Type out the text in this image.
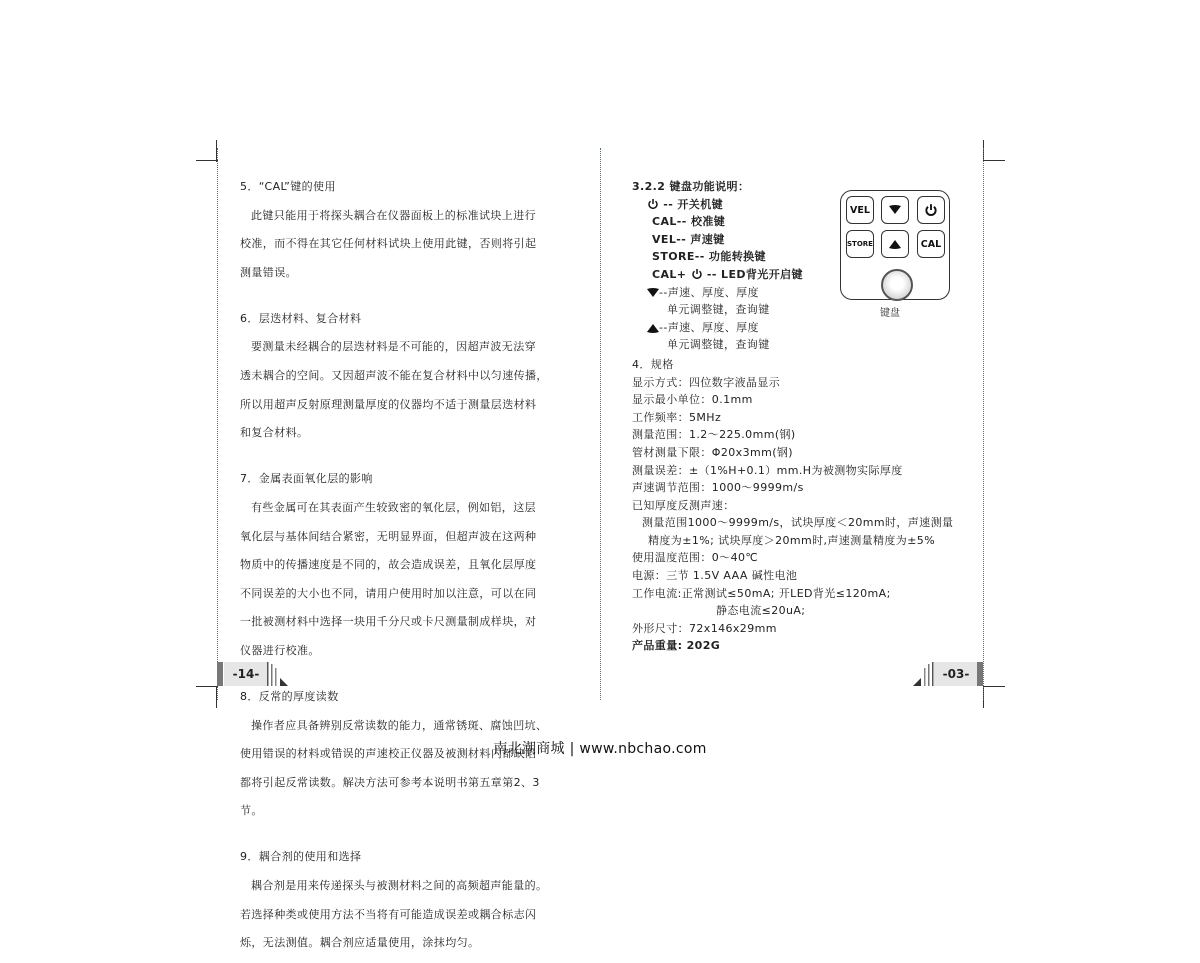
5．“CAL”键的使用

此键只能用于将探头耦合在仪器面板上的标准试块上进行

校准，而不得在其它任何材料试块上使用此键，否则将引起

测量错误。

6．层迭材料、复合材料

要测量未经耦合的层迭材料是不可能的，因超声波无法穿

透未耦合的空间。又因超声波不能在复合材料中以匀速传播，

所以用超声反射原理测量厚度的仪器均不适于测量层迭材料

和复合材料。

7．金属表面氧化层的影响

有些金属可在其表面产生较致密的氧化层，例如铝，这层

氧化层与基体间结合紧密，无明显界面，但超声波在这两种

物质中的传播速度是不同的，故会造成误差，且氧化层厚度

不同误差的大小也不同，请用户使用时加以注意，可以在同

一批被测材料中选择一块用千分尺或卡尺测量制成样块，对

仪器进行校准。

8．反常的厚度读数

操作者应具备辨别反常读数的能力，通常锈斑、腐蚀凹坑、

使用错误的材料或错误的声速校正仪器及被测材料内部缺陷

都将引起反常读数。解决方法可参考本说明书第五章第2、3

节。

9．耦合剂的使用和选择

耦合剂是用来传递探头与被测材料之间的高频超声能量的。

若选择种类或使用方法不当将有可能造成误差或耦合标志闪

烁，无法测值。耦合剂应适量使用，涂抹均匀。

-14-

3.2.2 键盘功能说明：

-- 开关机键
CAL-- 校准键
VEL-- 声速键
STORE-- 功能转换键
CAL+  -- LED背光开启键
--声速、厚度、厚度
单元调整键，查询键
--声速、厚度、厚度
单元调整键，查询键

4．规格

显示方式：四位数字液晶显示
显示最小单位：0.1mm
工作频率：5MHz
测量范围：1.2～225.0mm(钢)
管材测量下限：Φ20x3mm(钢)
测量误差：±（1%H+0.1）mm.H为被测物实际厚度
声速调节范围：1000～9999m/s
已知厚度反测声速：
测量范围1000～9999m/s，试块厚度＜20mm时，声速测量
精度为±1%; 试块厚度＞20mm时,声速测量精度为±5%
使用温度范围：0～40℃
电源：三节 1.5V AAA 碱性电池
工作电流:正常测试≤50mA; 开LED背光≤120mA;
静态电流≤20uA;
外形尺寸：72x146x29mm
产品重量: 202G
VEL
STORE	CAL
键盘
-03-
南北潮商城 | www.nbchao.com
